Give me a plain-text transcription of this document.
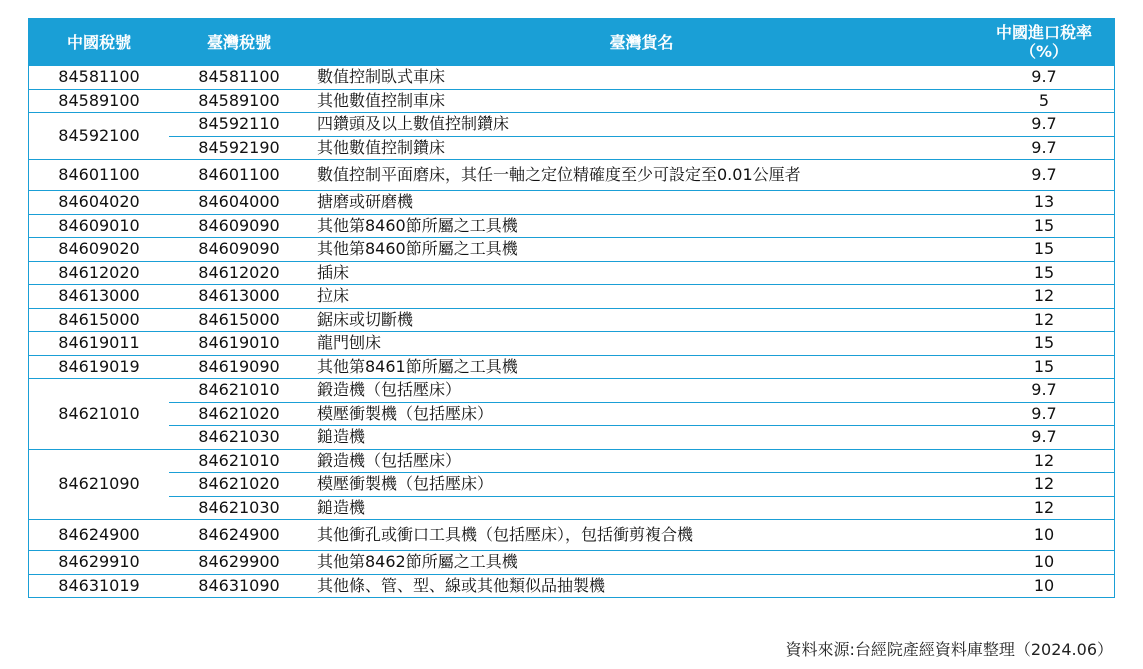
中國稅號	臺灣稅號	臺灣貨名	中國進口稅率
（%）

84581100	84581100	數值控制臥式車床	9.7
84589100	84589100	其他數值控制車床	5
84592100	84592110	四鑽頭及以上數值控制鑽床	9.7
	84592190	其他數值控制鑽床	9.7
84601100	84601100	數值控制平面磨床，其任一軸之定位精確度至少可設定至0.01公厘者	9.7
84604020	84604000	搪磨或研磨機	13
84609010	84609090	其他第8460節所屬之工具機	15
84609020	84609090	其他第8460節所屬之工具機	15
84612020	84612020	插床	15
84613000	84613000	拉床	12
84615000	84615000	鋸床或切斷機	12
84619011	84619010	龍門刨床	15
84619019	84619090	其他第8461節所屬之工具機	15
84621010	84621010	鍛造機（包括壓床）	9.7
	84621020	模壓衝製機（包括壓床）	9.7
	84621030	鎚造機	9.7
84621090	84621010	鍛造機（包括壓床）	12
	84621020	模壓衝製機（包括壓床）	12
	84621030	鎚造機	12
84624900	84624900	其他衝孔或衝口工具機（包括壓床），包括衝剪複合機	10
84629910	84629900	其他第8462節所屬之工具機	10
84631019	84631090	其他條、管、型、線或其他類似品抽製機	10
資料來源:台經院產經資料庫整理（2024.06）
